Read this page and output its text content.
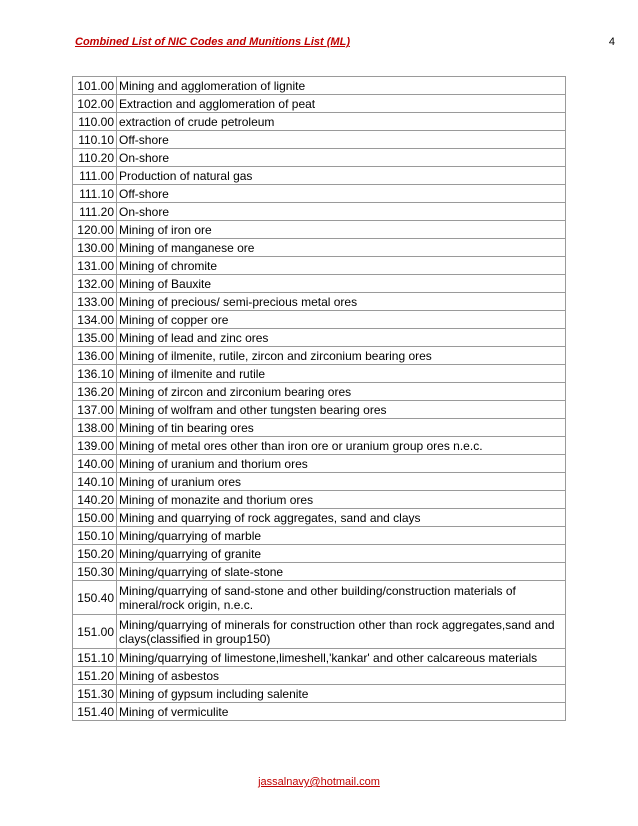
Combined List of NIC Codes and Munitions List (ML)	4
101.00	Mining and agglomeration of lignite
102.00	Extraction and agglomeration of peat
110.00	extraction of crude petroleum
110.10	Off-shore
110.20	On-shore
111.00	Production of natural gas
111.10	Off-shore
111.20	On-shore
120.00	Mining of iron ore
130.00	Mining of manganese ore
131.00	Mining of chromite
132.00	Mining of Bauxite
133.00	Mining of precious/ semi-precious metal ores
134.00	Mining of copper ore
135.00	Mining of lead and zinc ores
136.00	Mining of ilmenite, rutile, zircon and zirconium bearing ores
136.10	Mining of ilmenite and rutile
136.20	Mining of zircon and zirconium bearing ores
137.00	Mining of wolfram and other tungsten bearing ores
138.00	Mining of tin bearing ores
139.00	Mining of metal ores other than iron ore or uranium group ores n.e.c.
140.00	Mining of uranium and thorium ores
140.10	Mining of uranium ores
140.20	Mining of monazite and thorium ores
150.00	Mining and quarrying of rock aggregates, sand and clays
150.10	Mining/quarrying of marble
150.20	Mining/quarrying of granite
150.30	Mining/quarrying of slate-stone
150.40	Mining/quarrying of sand-stone and other building/construction materials of mineral/rock origin, n.e.c.
151.00	Mining/quarrying of minerals for construction other than rock aggregates,sand and clays(classified in group150)
151.10	Mining/quarrying of limestone,limeshell,'kankar' and other calcareous materials
151.20	Mining of asbestos
151.30	Mining of gypsum including salenite
151.40	Mining of vermiculite
jassalnavy@hotmail.com
